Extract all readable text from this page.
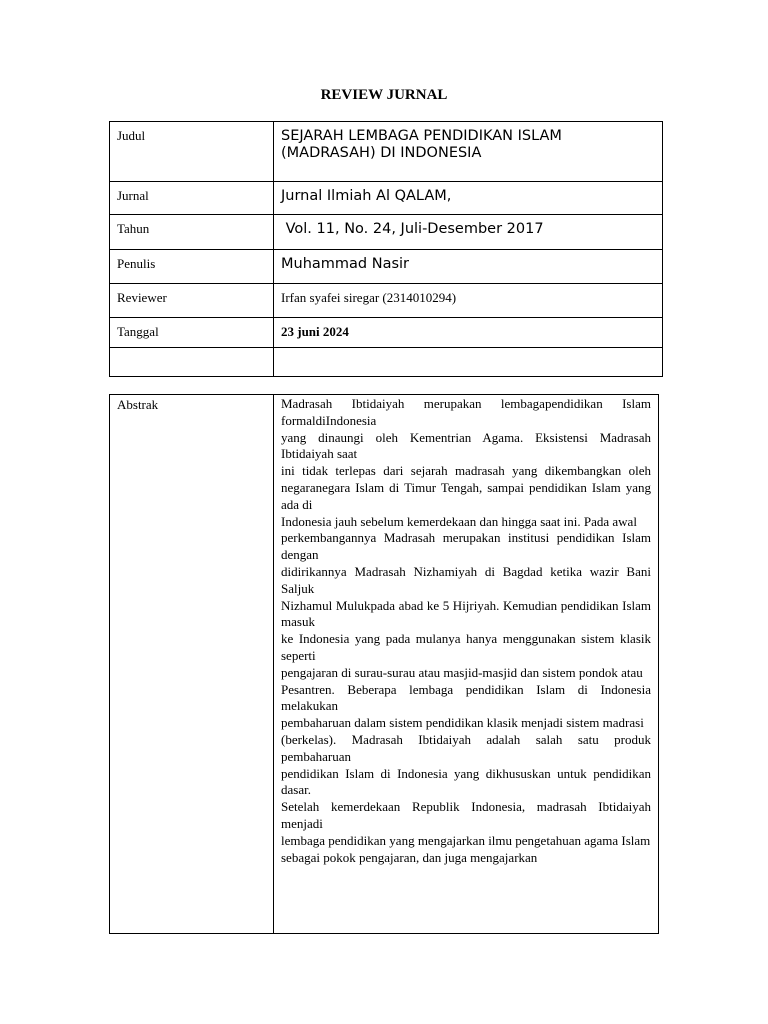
REVIEW JURNAL
Judul	SEJARAH LEMBAGA PENDIDIKAN ISLAM (MADRASAH) DI INDONESIA
Jurnal	Jurnal Ilmiah Al QALAM,
Tahun	Vol. 11, No. 24, Juli-Desember 2017
Penulis	Muhammad Nasir
Reviewer	Irfan syafei siregar (2314010294)
Tanggal	23 juni 2024

Abstrak	Madrasah Ibtidaiyah merupakan lembagapendidikan Islam formaldiIndonesia
yang dinaungi oleh Kementrian Agama. Eksistensi Madrasah Ibtidaiyah saat
ini tidak terlepas dari sejarah madrasah yang dikembangkan oleh negaranegara Islam di Timur Tengah, sampai pendidikan Islam yang ada di
Indonesia jauh sebelum kemerdekaan dan hingga saat ini. Pada awal
perkembangannya Madrasah merupakan institusi pendidikan Islam dengan
didirikannya Madrasah Nizhamiyah di Bagdad ketika wazir Bani Saljuk
Nizhamul Mulukpada abad ke 5 Hijriyah. Kemudian pendidikan Islam masuk
ke Indonesia yang pada mulanya hanya menggunakan sistem klasik seperti
pengajaran di surau-surau atau masjid-masjid dan sistem pondok atau
Pesantren. Beberapa lembaga pendidikan Islam di Indonesia melakukan
pembaharuan dalam sistem pendidikan klasik menjadi sistem madrasi
(berkelas). Madrasah Ibtidaiyah adalah salah satu produk pembaharuan
pendidikan Islam di Indonesia yang dikhususkan untuk pendidikan dasar.
Setelah kemerdekaan Republik Indonesia, madrasah Ibtidaiyah menjadi
lembaga pendidikan yang mengajarkan ilmu pengetahuan agama Islam
sebagai pokok pengajaran, dan juga mengajarkan
